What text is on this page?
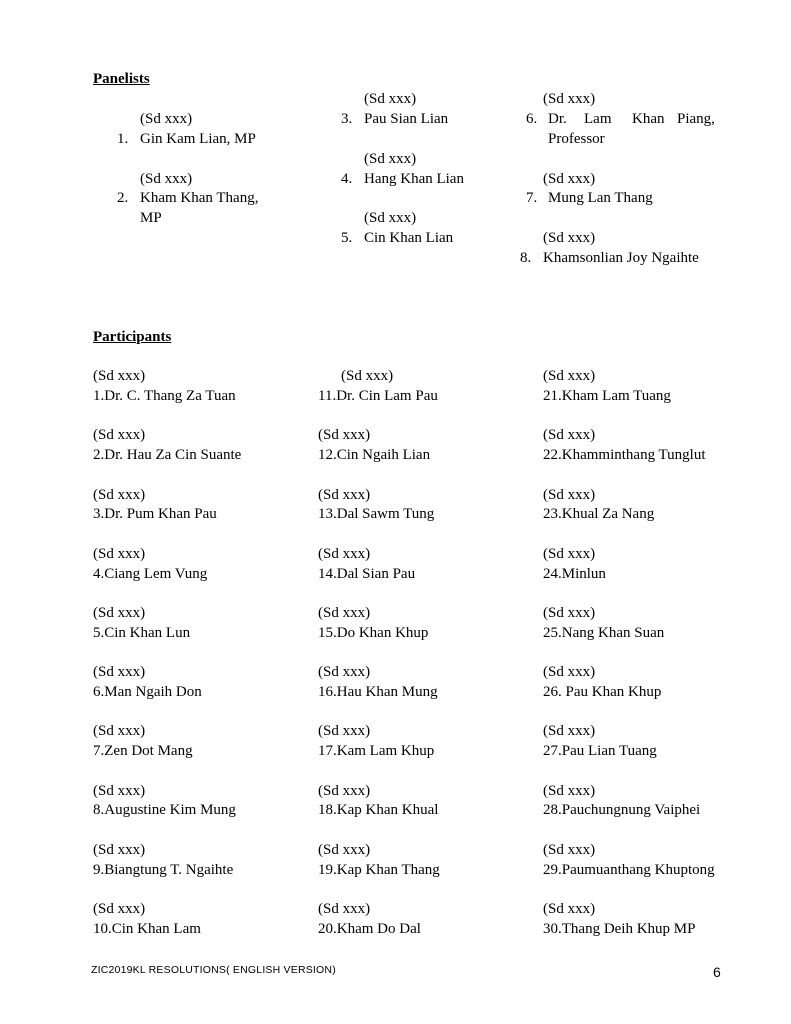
Panelists
(Sd xxx)
1. Gin Kam Lian, MP
(Sd xxx)
2. Kham Khan Thang,
MP
(Sd xxx)
3. Pau Sian Lian
(Sd xxx)
4. Hang Khan Lian
(Sd xxx)
5. Cin Khan Lian
(Sd xxx)
6. Dr. Lam Khan Piang,
Professor
(Sd xxx)
7. Mung Lan Thang
(Sd xxx)
8. Khamsonlian Joy Ngaihte
Participants
(Sd xxx)
1.Dr. C. Thang Za Tuan
(Sd xxx)
2.Dr. Hau Za Cin Suante
(Sd xxx)
3.Dr. Pum Khan Pau
(Sd xxx)
4.Ciang Lem Vung
(Sd xxx)
5.Cin Khan Lun
(Sd xxx)
6.Man Ngaih Don
(Sd xxx)
7.Zen Dot Mang
(Sd xxx)
8.Augustine Kim Mung
(Sd xxx)
9.Biangtung T. Ngaihte
(Sd xxx)
10.Cin Khan Lam
(Sd xxx)
11.Dr. Cin Lam Pau
(Sd xxx)
12.Cin Ngaih Lian
(Sd xxx)
13.Dal Sawm Tung
(Sd xxx)
14.Dal Sian Pau
(Sd xxx)
15.Do Khan Khup
(Sd xxx)
16.Hau Khan Mung
(Sd xxx)
17.Kam Lam Khup
(Sd xxx)
18.Kap Khan Khual
(Sd xxx)
19.Kap Khan Thang
(Sd xxx)
20.Kham Do Dal
(Sd xxx)
21.Kham Lam Tuang
(Sd xxx)
22.Khamminthang Tunglut
(Sd xxx)
23.Khual Za Nang
(Sd xxx)
24.Minlun
(Sd xxx)
25.Nang Khan Suan
(Sd xxx)
26. Pau Khan Khup
(Sd xxx)
27.Pau Lian Tuang
(Sd xxx)
28.Pauchungnung Vaiphei
(Sd xxx)
29.Paumuanthang Khuptong
(Sd xxx)
30.Thang Deih Khup MP
ZIC2019KL RESOLUTIONS( ENGLISH VERSION)	6
